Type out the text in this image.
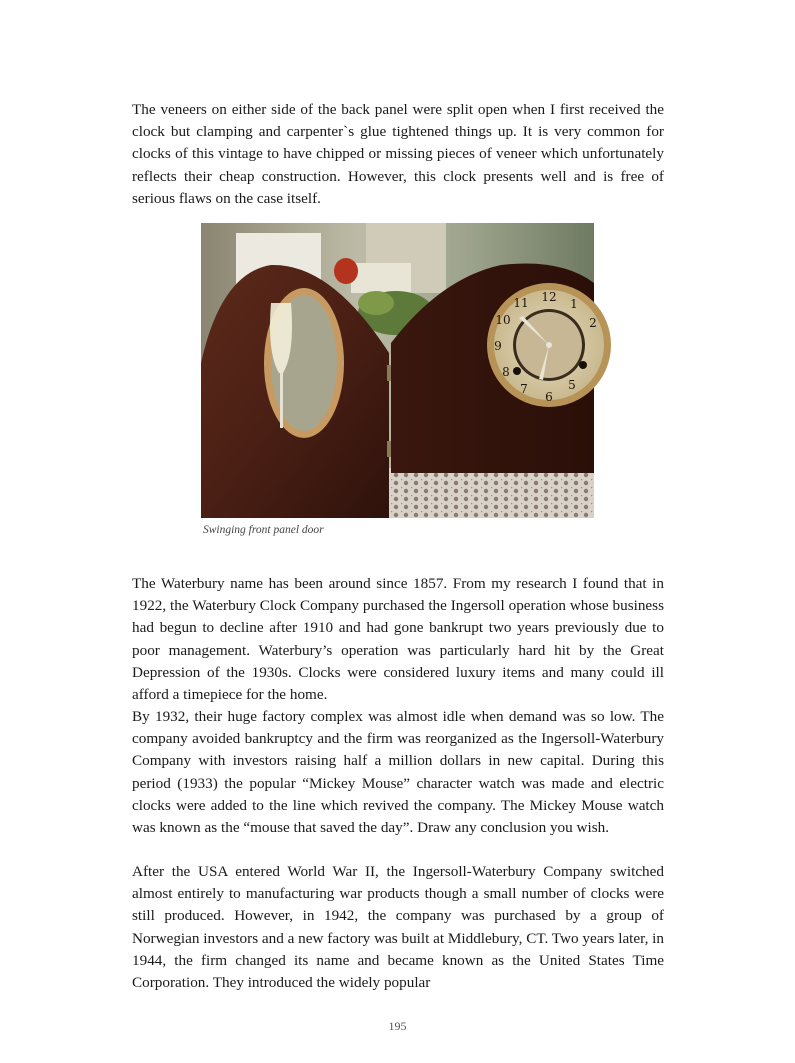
The veneers on either side of the back panel were split open when I first received the clock but clamping and carpenter`s glue tightened things up. It is very common for clocks of this vintage to have chipped or missing pieces of veneer which unfortunately reflects their cheap construction. However, this clock presents well and is free of serious flaws on the case itself.

12 1
2
5
6
7
8
9
10
11
Swinging front panel door

The Waterbury name has been around since 1857. From my research I found that in 1922, the Waterbury Clock Company purchased the Ingersoll operation whose business had begun to decline after 1910 and had gone bankrupt two years previously due to poor management. Waterbury’s operation was particularly hard hit by the Great Depression of the 1930s. Clocks were considered luxury items and many could ill afford a timepiece for the home.

By 1932, their huge factory complex was almost idle when demand was so low. The company avoided bankruptcy and the firm was reorganized as the Ingersoll-Waterbury Company with investors raising half a million dollars in new capital. During this period (1933) the popular “Mickey Mouse” character watch was made and electric clocks were added to the line which revived the company. The Mickey Mouse watch was known as the “mouse that saved the day”. Draw any conclusion you wish.

After the USA entered World War II, the Ingersoll-Waterbury Company switched almost entirely to manufacturing war products though a small number of clocks were still produced. However, in 1942, the company was purchased by a group of Norwegian investors and a new factory was built at Middlebury, CT. Two years later, in 1944, the firm changed its name and became known as the United States Time Corporation. They introduced the widely popular

195
